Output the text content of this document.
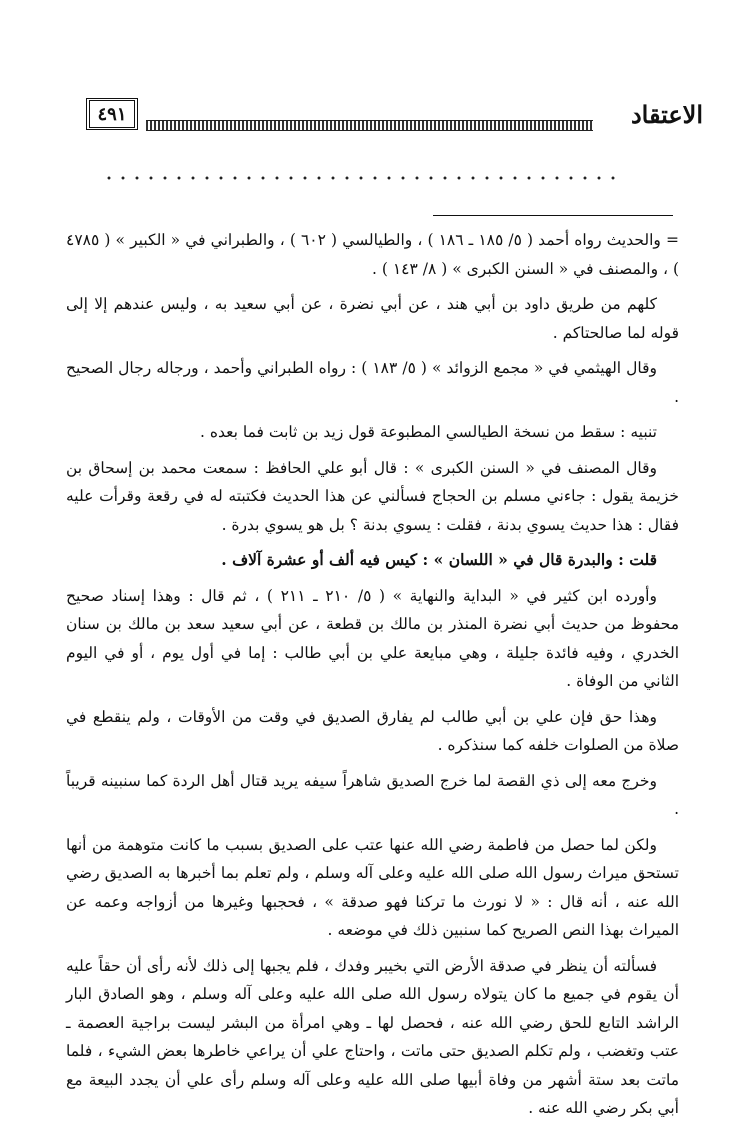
الاعتقاد
٤٩١

= والحديث رواه أحمد ( ٥/ ١٨٥ ـ ١٨٦ ) ، والطيالسي ( ٦٠٢ ) ، والطبراني في « الكبير » ( ٤٧٨٥ ) ، والمصنف في « السنن الكبرى » ( ٨/ ١٤٣ ) .

كلهم من طريق داود بن أبي هند ، عن أبي نضرة ، عن أبي سعيد به ، وليس عندهم إلا إلى قوله لما صالحتاكم .

وقال الهيثمي في « مجمع الزوائد » ( ٥/ ١٨٣ ) : رواه الطبراني وأحمد ، ورجاله رجال الصحيح .

تنبيه : سقط من نسخة الطيالسي المطبوعة قول زيد بن ثابت فما بعده .

وقال المصنف في « السنن الكبرى » : قال أبو علي الحافظ : سمعت محمد بن إسحاق بن خزيمة يقول : جاءني مسلم بن الحجاج فسألني عن هذا الحديث فكتبته له في رقعة وقرأت عليه فقال : هذا حديث يسوي بدنة ، فقلت : يسوي بدنة ؟ بل هو يسوي بدرة .

قلت : والبدرة قال في « اللسان » : كيس فيه ألف أو عشرة آلاف .

وأورده ابن كثير في « البداية والنهاية » ( ٥/ ٢١٠ ـ ٢١١ ) ، ثم قال : وهذا إسناد صحيح محفوظ من حديث أبي نضرة المنذر بن مالك بن قطعة ، عن أبي سعيد سعد بن مالك بن سنان الخدري ، وفيه فائدة جليلة ، وهي مبايعة علي بن أبي طالب : إما في أول يوم ، أو في اليوم الثاني من الوفاة .

وهذا حق فإن علي بن أبي طالب لم يفارق الصديق في وقت من الأوقات ، ولم ينقطع في صلاة من الصلوات خلفه كما سنذكره .

وخرج معه إلى ذي القصة لما خرج الصديق شاهراً سيفه يريد قتال أهل الردة كما سنبينه قريباً .

ولكن لما حصل من فاطمة رضي الله عنها عتب على الصديق بسبب ما كانت متوهمة من أنها تستحق ميراث رسول الله صلى الله عليه وعلى آله وسلم ، ولم تعلم بما أخبرها به الصديق رضي الله عنه ، أنه قال : « لا نورث ما تركنا فهو صدقة » ، فحجبها وغيرها من أزواجه وعمه عن الميراث بهذا النص الصريح كما سنبين ذلك في موضعه .

فسألته أن ينظر في صدقة الأرض التي بخيبر وفدك ، فلم يجبها إلى ذلك لأنه رأى أن حقاً عليه أن يقوم في جميع ما كان يتولاه رسول الله صلى الله عليه وعلى آله وسلم ، وهو الصادق البار الراشد التابع للحق رضي الله عنه ، فحصل لها ـ وهي امرأة من البشر ليست براجية العصمة ـ عتب وتغضب ، ولم تكلم الصديق حتى ماتت ، واحتاج علي أن يراعي خاطرها بعض الشيء ، فلما ماتت بعد ستة أشهر من وفاة أبيها صلى الله عليه وعلى آله وسلم رأى علي أن يجدد البيعة مع أبي بكر رضي الله عنه .
